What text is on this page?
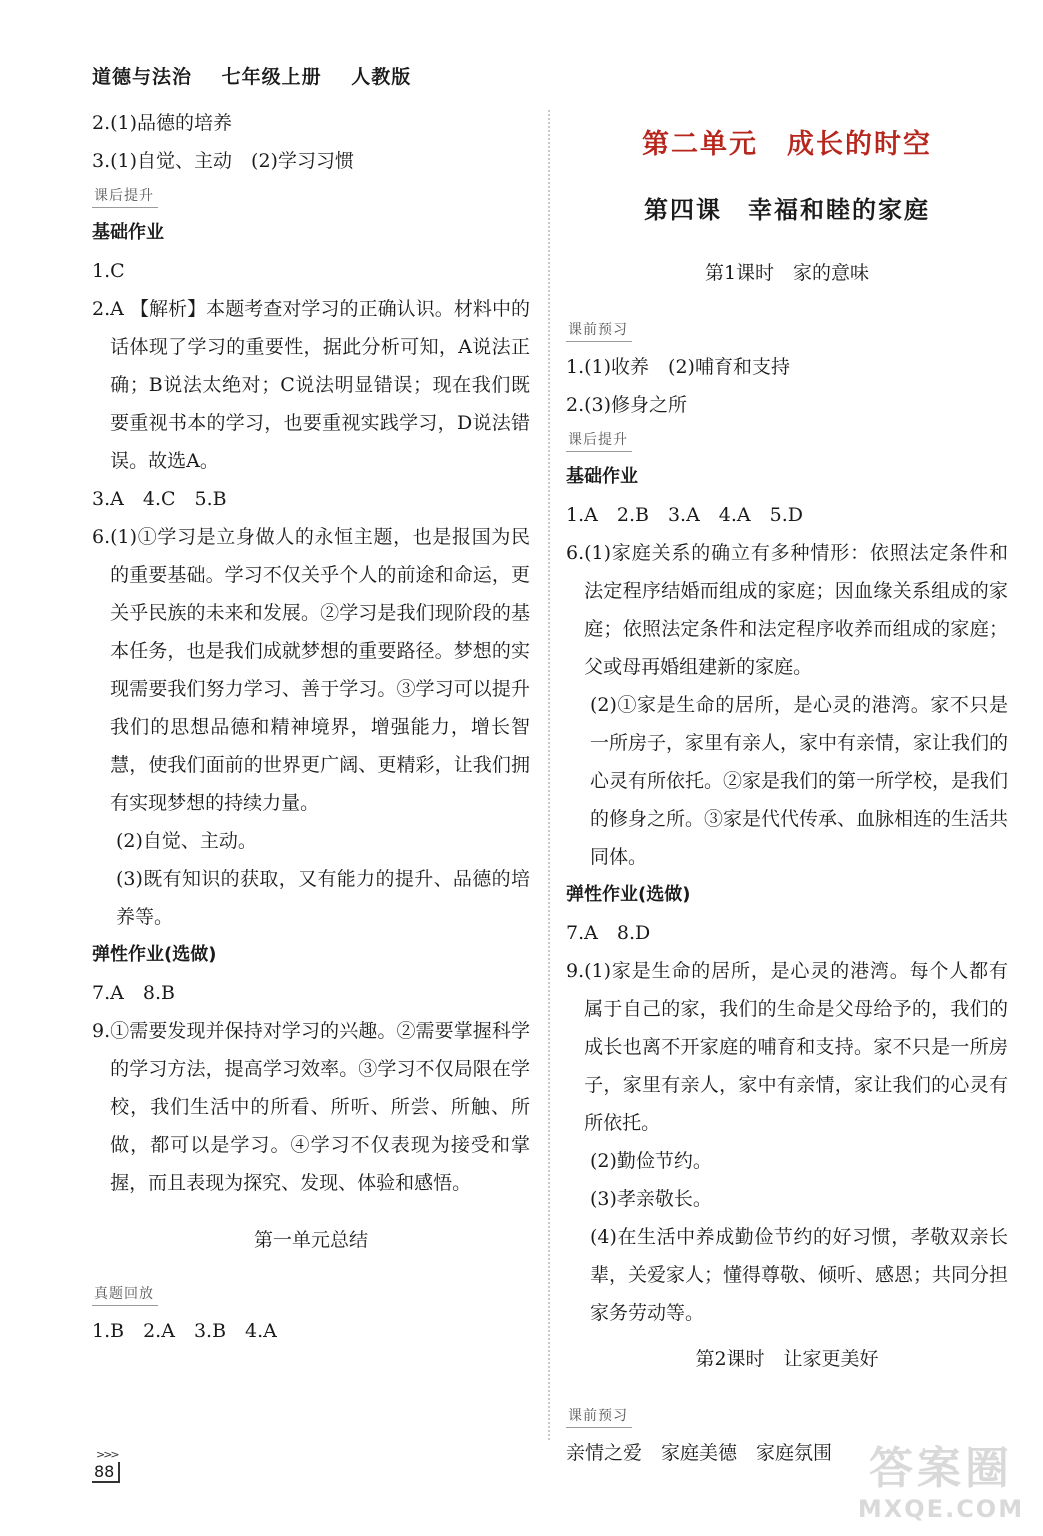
道德与法治 七年级上册 人教版
2.(1)品德的培养
3.(1)自觉、主动　(2)学习习惯
课后提升
基础作业
1.C
2. A 【解析】本题考查对学习的正确认识。材料中的话体现了学习的重要性，据此分析可知，A说法正确；B说法太绝对；C说法明显错误；现在我们既要重视书本的学习，也要重视实践学习，D说法错误。故选A。
3.A　4.C　5.B
6. (1)①学习是立身做人的永恒主题，也是报国为民的重要基础。学习不仅关乎个人的前途和命运，更关乎民族的未来和发展。②学习是我们现阶段的基本任务，也是我们成就梦想的重要路径。梦想的实现需要我们努力学习、善于学习。③学习可以提升我们的思想品德和精神境界，增强能力，增长智慧，使我们面前的世界更广阔、更精彩，让我们拥有实现梦想的持续力量。
(2)自觉、主动。
(3)既有知识的获取，又有能力的提升、品德的培养等。
弹性作业(选做)
7.A　8.B
9. ①需要发现并保持对学习的兴趣。②需要掌握科学的学习方法，提高学习效率。③学习不仅局限在学校，我们生活中的所看、所听、所尝、所触、所做，都可以是学习。④学习不仅表现为接受和掌握，而且表现为探究、发现、体验和感悟。
第一单元总结
真题回放
1.B　2.A　3.B　4.A
第二单元　成长的时空
第四课　幸福和睦的家庭
第1课时　家的意味
课前预习
1.(1)收养　(2)哺育和支持
2.(3)修身之所
课后提升
基础作业
1.A　2.B　3.A　4.A　5.D
6. (1)家庭关系的确立有多种情形：依照法定条件和法定程序结婚而组成的家庭；因血缘关系组成的家庭；依照法定条件和法定程序收养而组成的家庭；父或母再婚组建新的家庭。
(2)①家是生命的居所，是心灵的港湾。家不只是一所房子，家里有亲人，家中有亲情，家让我们的心灵有所依托。②家是我们的第一所学校，是我们的修身之所。③家是代代传承、血脉相连的生活共同体。
弹性作业(选做)
7.A　8.D
9. (1)家是生命的居所，是心灵的港湾。每个人都有属于自己的家，我们的生命是父母给予的，我们的成长也离不开家庭的哺育和支持。家不只是一所房子，家里有亲人，家中有亲情，家让我们的心灵有所依托。
(2)勤俭节约。
(3)孝亲敬长。
(4)在生活中养成勤俭节约的好习惯，孝敬双亲长辈，关爱家人；懂得尊敬、倾听、感恩；共同分担家务劳动等。
第2课时　让家更美好
课前预习
亲情之爱　家庭美德　家庭氛围
>>>
88	答案圈
MXQE.COM
